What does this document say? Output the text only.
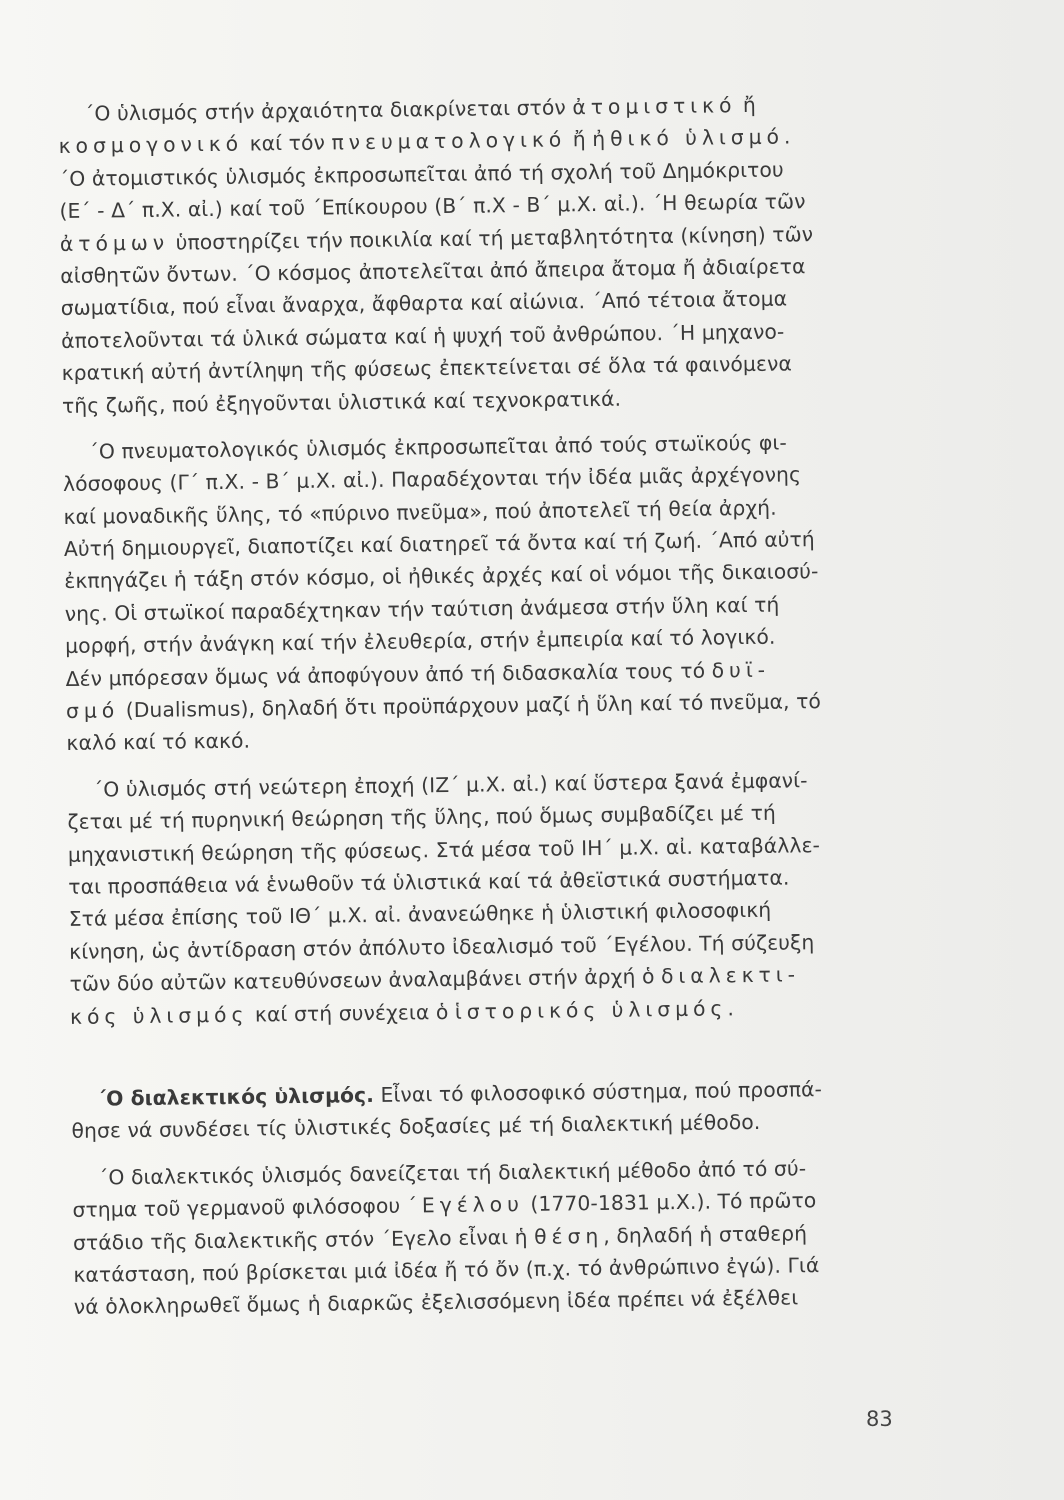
΄Ο ὑλισμός στήν ἀρχαιότητα διακρίνεται στόν ἀτομιστικό ἤ
κοσμογονικό καί τόν πνευματολογικό ἤ ἠθικό ὑλισμό.
΄Ο ἀτομιστικός ὑλισμός ἐκπροσωπεῖται ἀπό τή σχολή τοῦ Δημόκριτου
(Ε΄ - Δ΄ π.Χ. αἰ.) καί τοῦ ΄Επίκουρου (Β΄ π.Χ - Β΄ μ.Χ. αἰ.). ΄Η θεωρία τῶν
ἀτόμων ὑποστηρίζει τήν ποικιλία καί τή μεταβλητότητα (κίνηση) τῶν
αἰσθητῶν ὄντων. ΄Ο κόσμος ἀποτελεῖται ἀπό ἄπειρα ἄτομα ἤ ἀδιαίρετα
σωματίδια, πού εἶναι ἄναρχα, ἄφθαρτα καί αἰώνια. ΄Από τέτοια ἄτομα
ἀποτελοῦνται τά ὑλικά σώματα καί ἡ ψυχή τοῦ ἀνθρώπου. ΄Η μηχανο-
κρατική αὐτή ἀντίληψη τῆς φύσεως ἐπεκτείνεται σέ ὅλα τά φαινόμενα
τῆς ζωῆς, πού ἐξηγοῦνται ὑλιστικά καί τεχνοκρατικά.
΄Ο πνευματολογικός ὑλισμός ἐκπροσωπεῖται ἀπό τούς στωϊκούς φι-
λόσοφους (Γ΄ π.Χ. - Β΄ μ.Χ. αἰ.). Παραδέχονται τήν ἰδέα μιᾶς ἀρχέγονης
καί μοναδικῆς ὕλης, τό «πύρινο πνεῦμα», πού ἀποτελεῖ τή θεία ἀρχή.
Αὐτή δημιουργεῖ, διαποτίζει καί διατηρεῖ τά ὄντα καί τή ζωή. ΄Από αὐτή
ἐκπηγάζει ἡ τάξη στόν κόσμο, οἱ ἠθικές ἀρχές καί οἱ νόμοι τῆς δικαιοσύ-
νης. Οἱ στωϊκοί παραδέχτηκαν τήν ταύτιση ἀνάμεσα στήν ὕλη καί τή
μορφή, στήν ἀνάγκη καί τήν ἐλευθερία, στήν ἐμπειρία καί τό λογικό.
Δέν μπόρεσαν ὅμως νά ἀποφύγουν ἀπό τή διδασκαλία τους τό δυϊ-
σμό (Dualismus), δηλαδή ὅτι προϋπάρχουν μαζί ἡ ὕλη καί τό πνεῦμα, τό
καλό καί τό κακό.
΄Ο ὑλισμός στή νεώτερη ἐποχή (ΙΖ΄ μ.Χ. αἰ.) καί ὕστερα ξανά ἐμφανί-
ζεται μέ τή πυρηνική θεώρηση τῆς ὕλης, πού ὅμως συμβαδίζει μέ τή
μηχανιστική θεώρηση τῆς φύσεως. Στά μέσα τοῦ ΙΗ΄ μ.Χ. αἰ. καταβάλλε-
ται προσπάθεια νά ἑνωθοῦν τά ὑλιστικά καί τά ἀθεϊστικά συστήματα.
Στά μέσα ἐπίσης τοῦ ΙΘ΄ μ.Χ. αἰ. ἀνανεώθηκε ἡ ὑλιστική φιλοσοφική
κίνηση, ὡς ἀντίδραση στόν ἀπόλυτο ἰδεαλισμό τοῦ ΄Εγέλου. Τή σύζευξη
τῶν δύο αὐτῶν κατευθύνσεων ἀναλαμβάνει στήν ἀρχή ὁ διαλεκτι-
κός ὑλισμός καί στή συνέχεια ὁ ἱστορικός ὑλισμός.
΄Ο διαλεκτικός ὑλισμός. Εἶναι τό φιλοσοφικό σύστημα, πού προσπά-
θησε νά συνδέσει τίς ὑλιστικές δοξασίες μέ τή διαλεκτική μέθοδο.
΄Ο διαλεκτικός ὑλισμός δανείζεται τή διαλεκτική μέθοδο ἀπό τό σύ-
στημα τοῦ γερμανοῦ φιλόσοφου ΄Εγέλου (1770-1831 μ.Χ.). Τό πρῶτο
στάδιο τῆς διαλεκτικῆς στόν ΄Εγελο εἶναι ἡ θέση, δηλαδή ἡ σταθερή
κατάσταση, πού βρίσκεται μιά ἰδέα ἤ τό ὄν (π.χ. τό ἀνθρώπινο ἐγώ). Γιά
νά ὁλοκληρωθεῖ ὅμως ἡ διαρκῶς ἐξελισσόμενη ἰδέα πρέπει νά ἐξέλθει
83
